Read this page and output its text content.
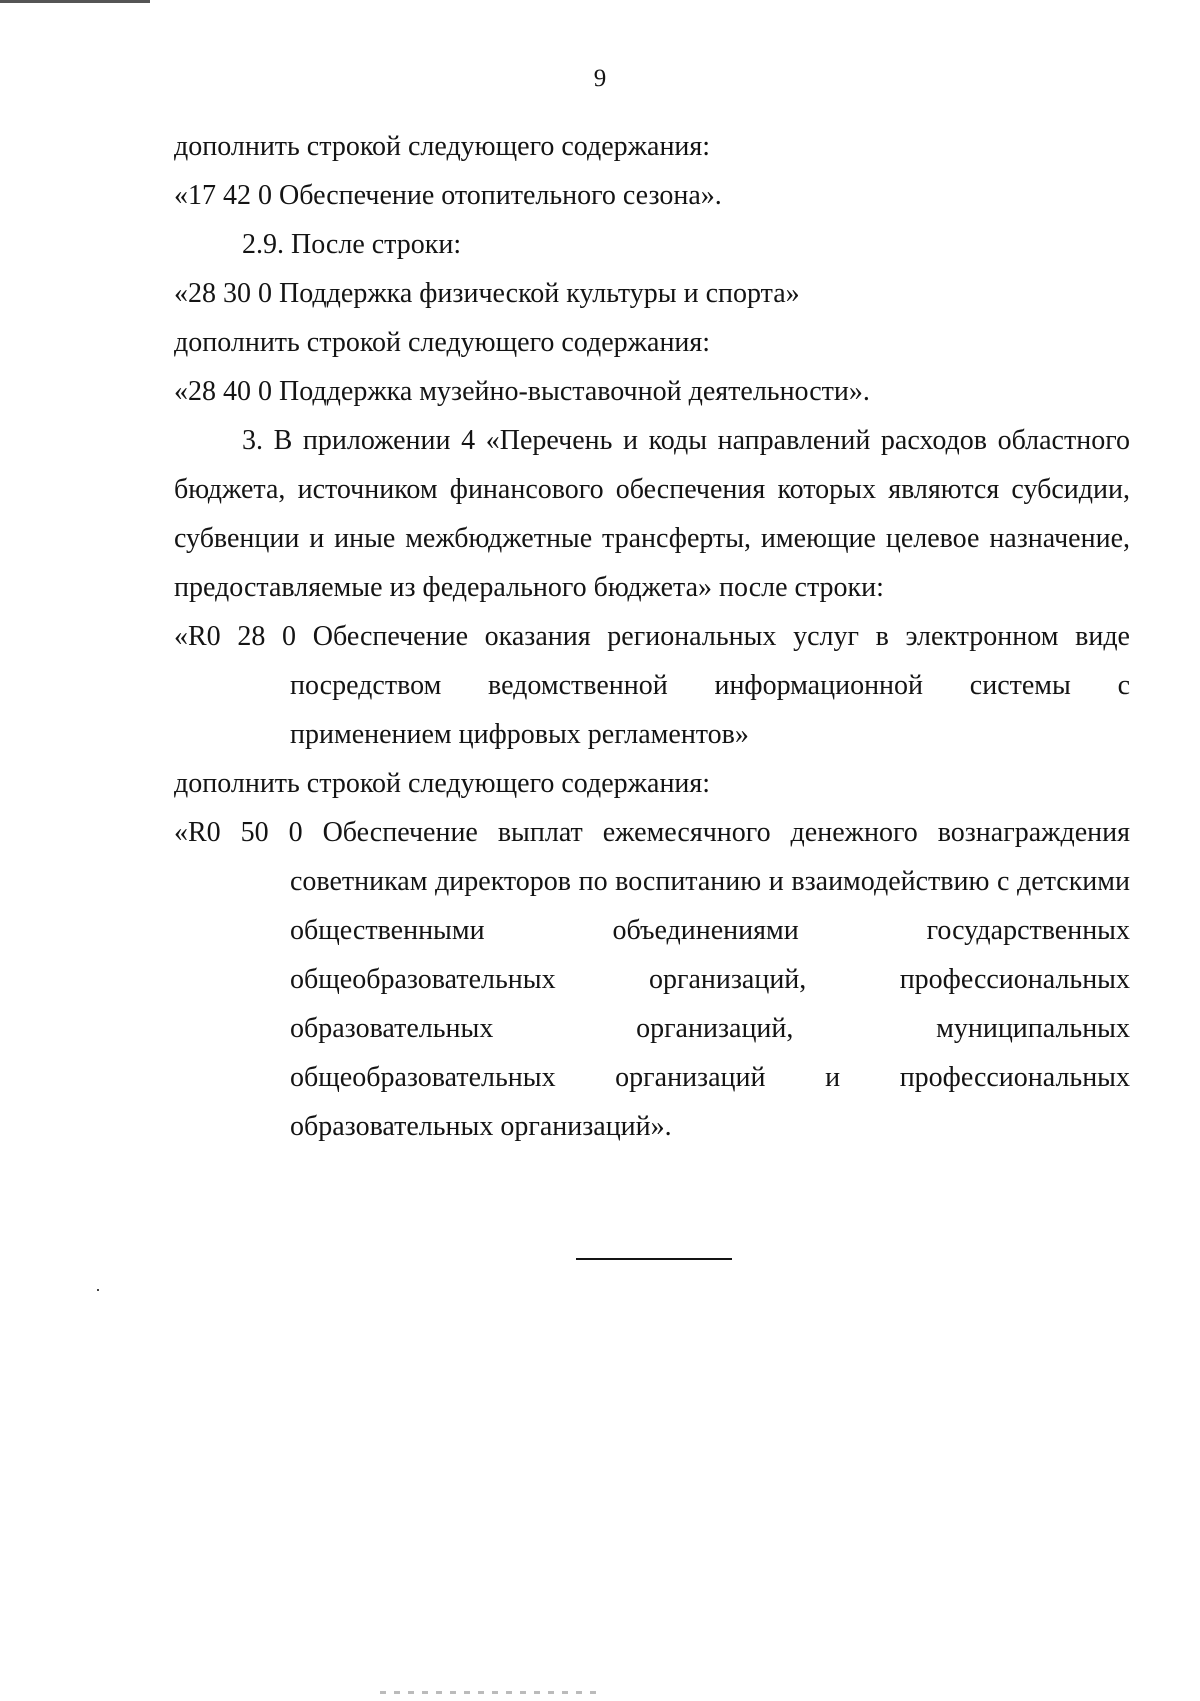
9
дополнить строкой следующего содержания:
«17 42 0 Обеспечение отопительного сезона».
2.9. После строки:
«28 30 0 Поддержка физической культуры и спорта»
дополнить строкой следующего содержания:
«28 40 0 Поддержка музейно-выставочной деятельности».
3. В приложении 4 «Перечень и коды направлений расходов областного
бюджета, источником финансового обеспечения которых являются субсидии,
субвенции и иные межбюджетные трансферты, имеющие целевое назначение,
предоставляемые из федерального бюджета» после строки:
«R0 28 0 Обеспечение оказания региональных услуг в электронном виде
посредством ведомственной информационной системы с
применением цифровых регламентов»
дополнить строкой следующего содержания:
«R0 50 0 Обеспечение выплат ежемесячного денежного вознаграждения
советникам директоров по воспитанию и взаимодействию с детскими
общественными объединениями государственных
общеобразовательных организаций, профессиональных
образовательных организаций, муниципальных
общеобразовательных организаций и профессиональных
образовательных организаций».
